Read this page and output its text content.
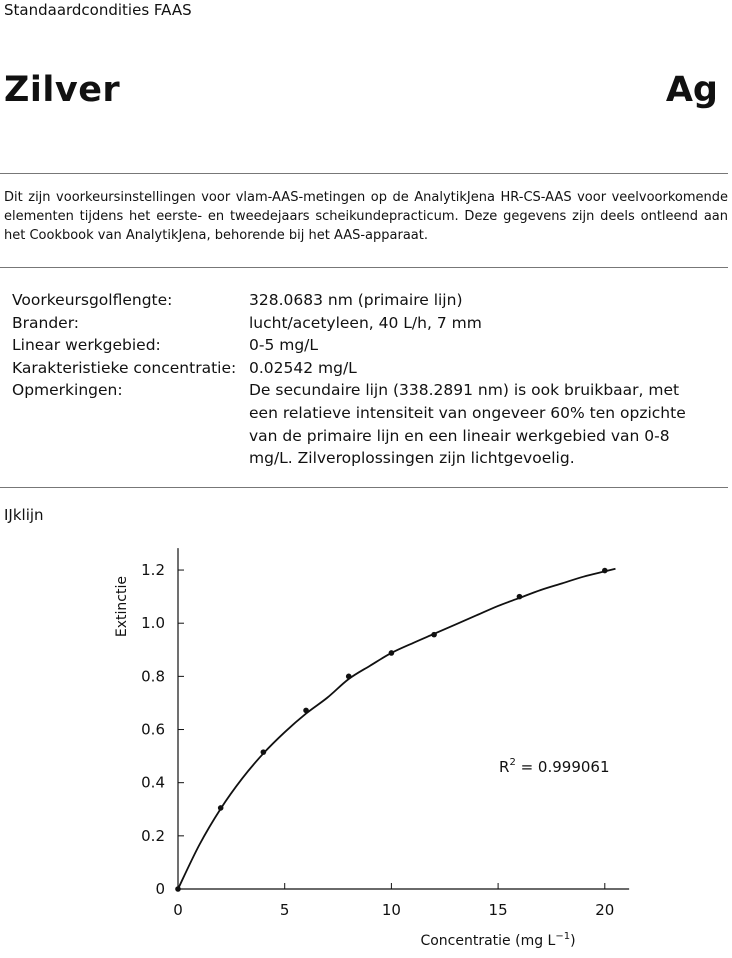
Standaardcondities FAAS
Zilver	Ag
Dit zijn voorkeursinstellingen voor vlam-AAS-metingen op de AnalytikJena HR-CS-AAS voor veelvoorkomende elementen tijdens het eerste- en tweedejaars scheikundepracticum. Deze gegevens zijn deels ontleend aan het Cookbook van AnalytikJena, behorende bij het AAS-apparaat.
Voorkeursgolflengte:	328.0683 nm (primaire lijn)
Brander:	lucht/acetyleen, 40 L/h, 7 mm
Linear werkgebied:	0-5 mg/L
Karakteristieke concentratie: 0.02542 mg/L
Opmerkingen:	De secundaire lijn (338.2891 nm) is ook bruikbaar, met een relatieve intensiteit van ongeveer 60% ten opzichte van de primaire lijn en een lineair werkgebied van 0-8 mg/L. Zilveroplossingen zijn lichtgevoelig.
IJklijn
0	5	10	15	20
0
0.2
0.4
0.6
0.8
1.0
1.2
Extinctie
Concentratie (mg $L^{-1}$)
$R^2 = 0.999061$
